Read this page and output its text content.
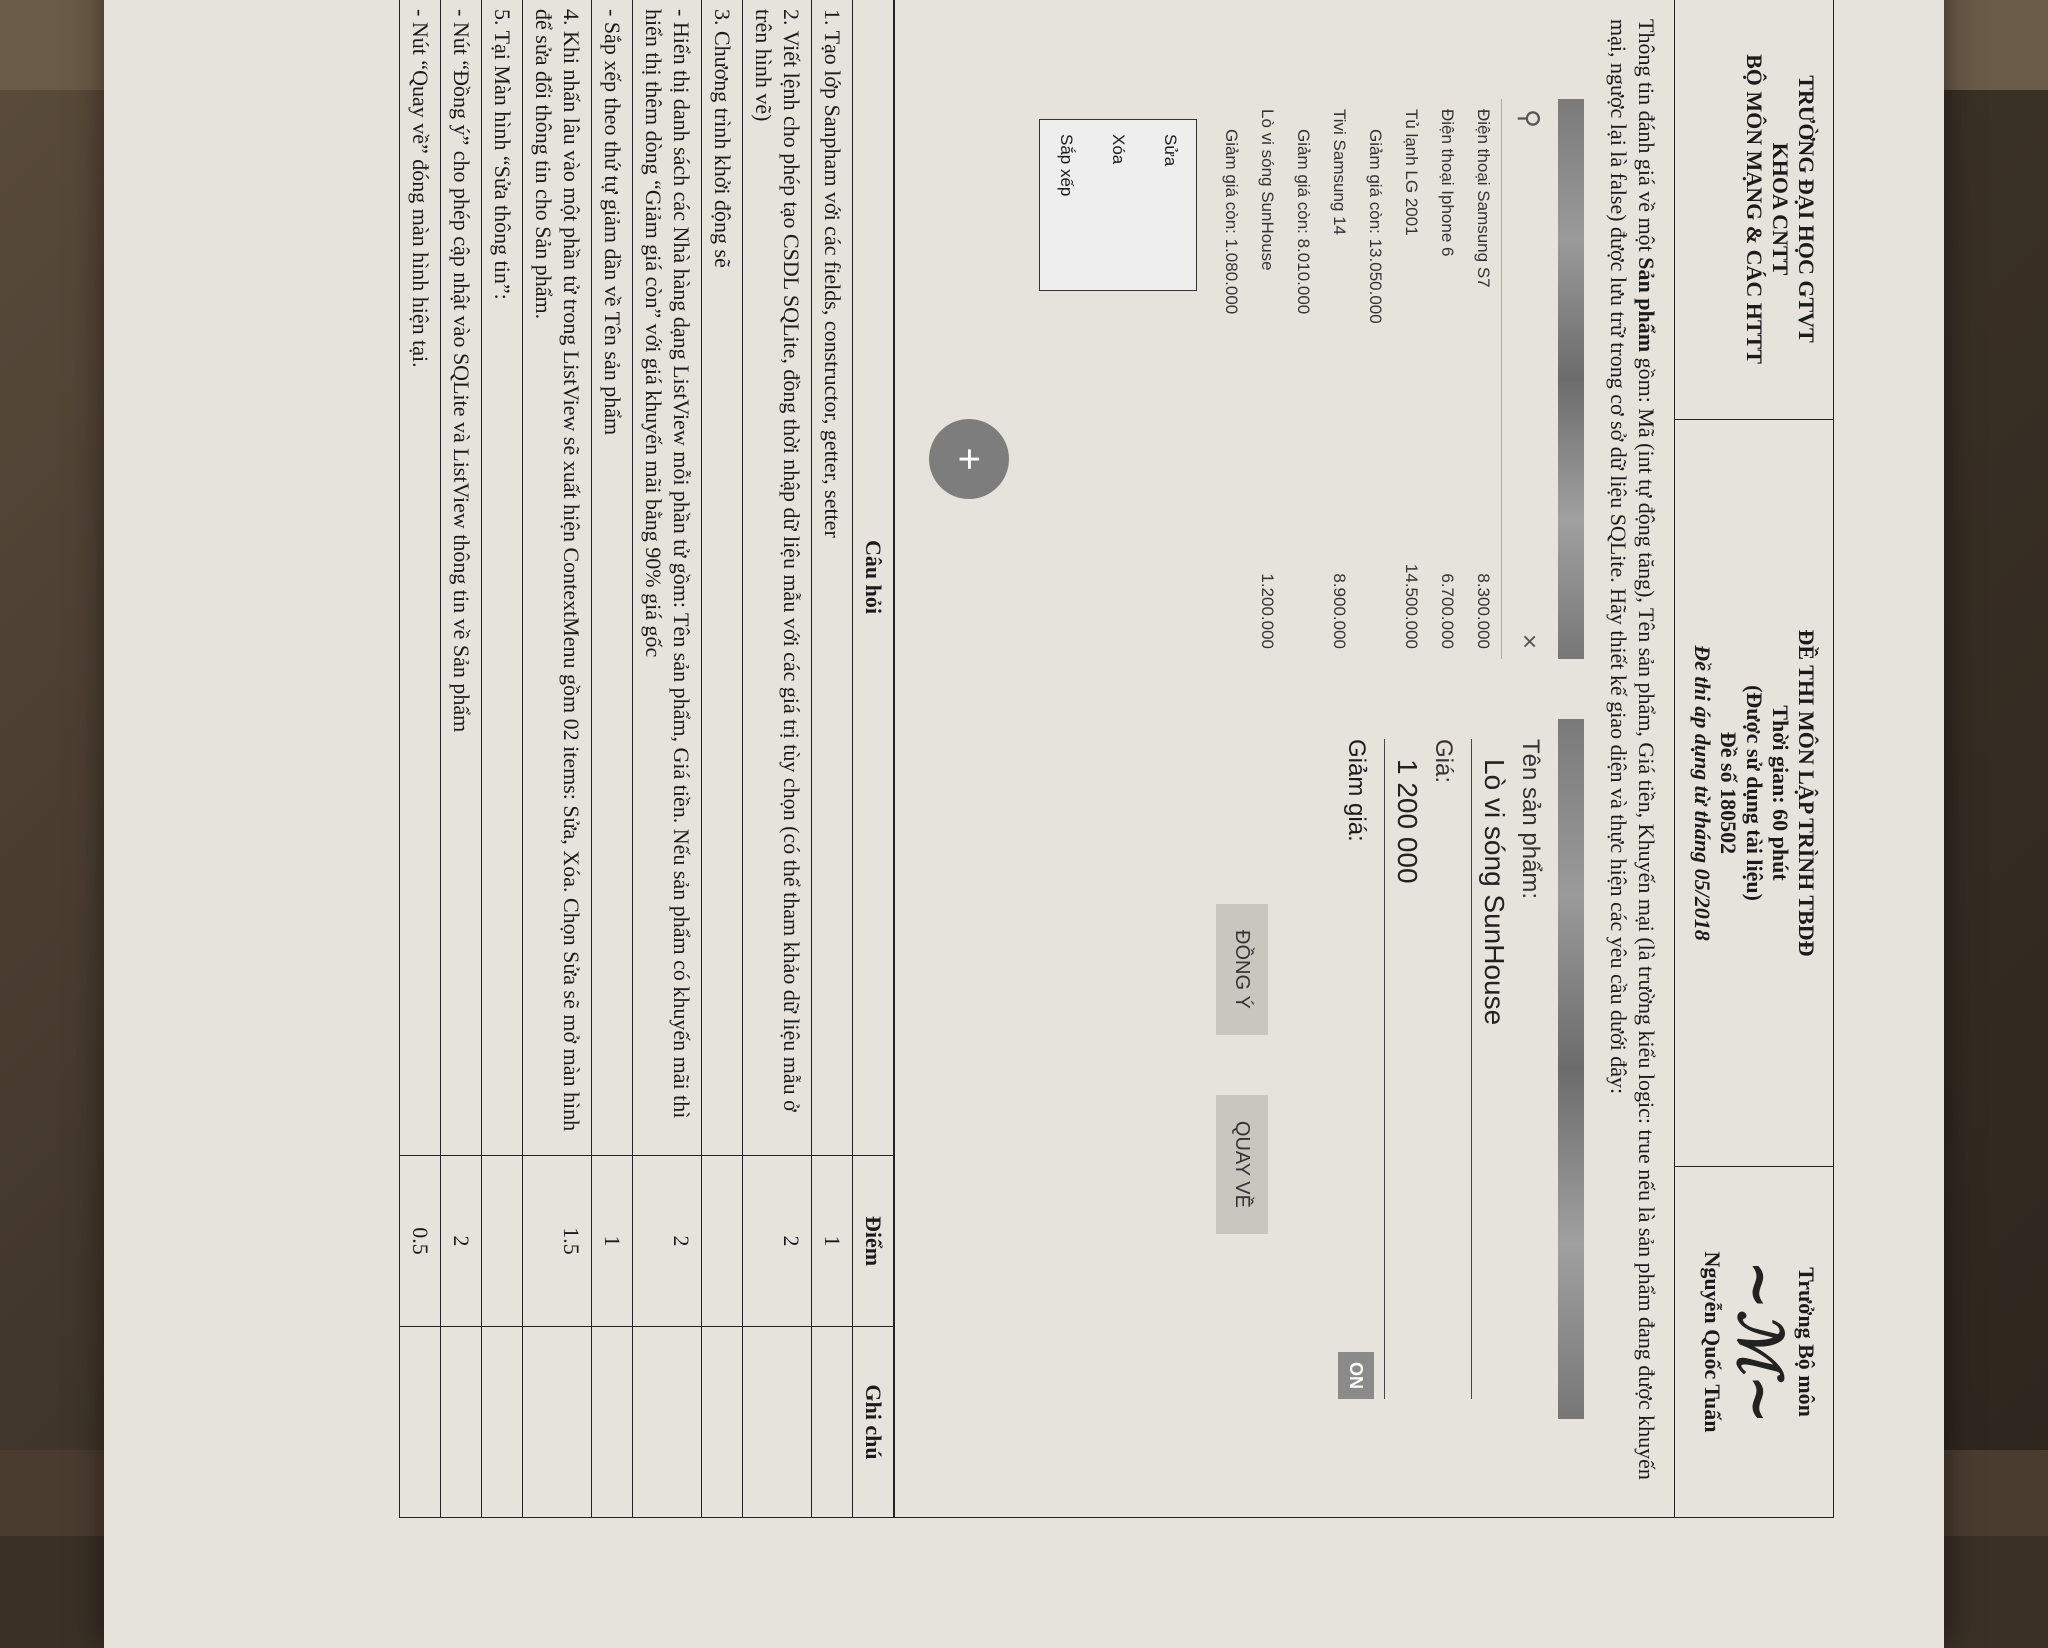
TRƯỜNG ĐẠI HỌC GTVT
KHOA CNTT
BỘ MÔN MẠNG & CÁC HTTT

ĐỀ THI MÔN LẬP TRÌNH TBDĐ
Thời gian: 60 phút
(Được sử dụng tài liệu)
Đề số 180502
Đề thi áp dụng từ tháng 05/2018

Trưởng Bộ môn
~ℳ~
Nguyễn Quốc Tuấn
Thông tin đánh giá về một Sản phẩm gồm: Mã (int tự động tăng), Tên sản phẩm, Giá tiền, Khuyến mại (là trường kiểu logic: true nếu là sản phẩm đang được khuyến mại, ngược lại là false) được lưu trữ trong cơ sở dữ liệu SQLite. Hãy thiết kế giao diện và thực hiện các yêu cầu dưới đây:
⚲
×
Điện thoại Samsung S7
8.300.000
Điện thoại Iphone 6
6.700.000
Tủ lạnh LG 2001
14.500.000
Giảm giá còn: 13.050.000
Tivi Samsung 14
8.900.000
Giảm giá còn: 8.010.000
Lò vi sóng SunHouse
1.200.000
Giảm giá còn: 1.080.000
Sửa
Xóa
Sắp xếp
+
Tên sản phẩm:
Lò vi sóng SunHouse
Giá:
1 200 000
Giảm giá:
ON
ĐỒNG Ý
QUAY VỀ
Câu hỏi	Điểm	Ghi chú
1. Tạo lớp Sanpham với các fields, constructor, getter, setter	1	
2. Viết lệnh cho phép tạo CSDL SQLite, đồng thời nhập dữ liệu mẫu với các giá trị tùy chọn (có thể tham khảo dữ liệu mẫu ở trên hình vẽ)	2	
3. Chương trình khởi động sẽ		
- Hiển thị danh sách các Nhà hàng dạng ListView mỗi phần tử gồm: Tên sản phẩm, Giá tiền. Nếu sản phẩm có khuyến mãi thì hiển thị thêm dòng “Giảm giá còn” với giá khuyến mãi bằng 90% giá gốc	2	
- Sắp xếp theo thứ tự giảm dần về Tên sản phẩm	1	
4. Khi nhấn lâu vào một phần tử trong ListView sẽ xuất hiện ContextMenu gồm 02 items: Sửa, Xóa. Chọn Sửa sẽ mở màn hình để sửa đổi thông tin cho Sản phẩm.	1.5	
5. Tại Màn hình “Sửa thông tin”:		
- Nút “Đồng ý” cho phép cập nhật vào SQLite và ListView thông tin về Sản phẩm	2	
- Nút “Quay về” đóng màn hình hiện tại.	0.5	
